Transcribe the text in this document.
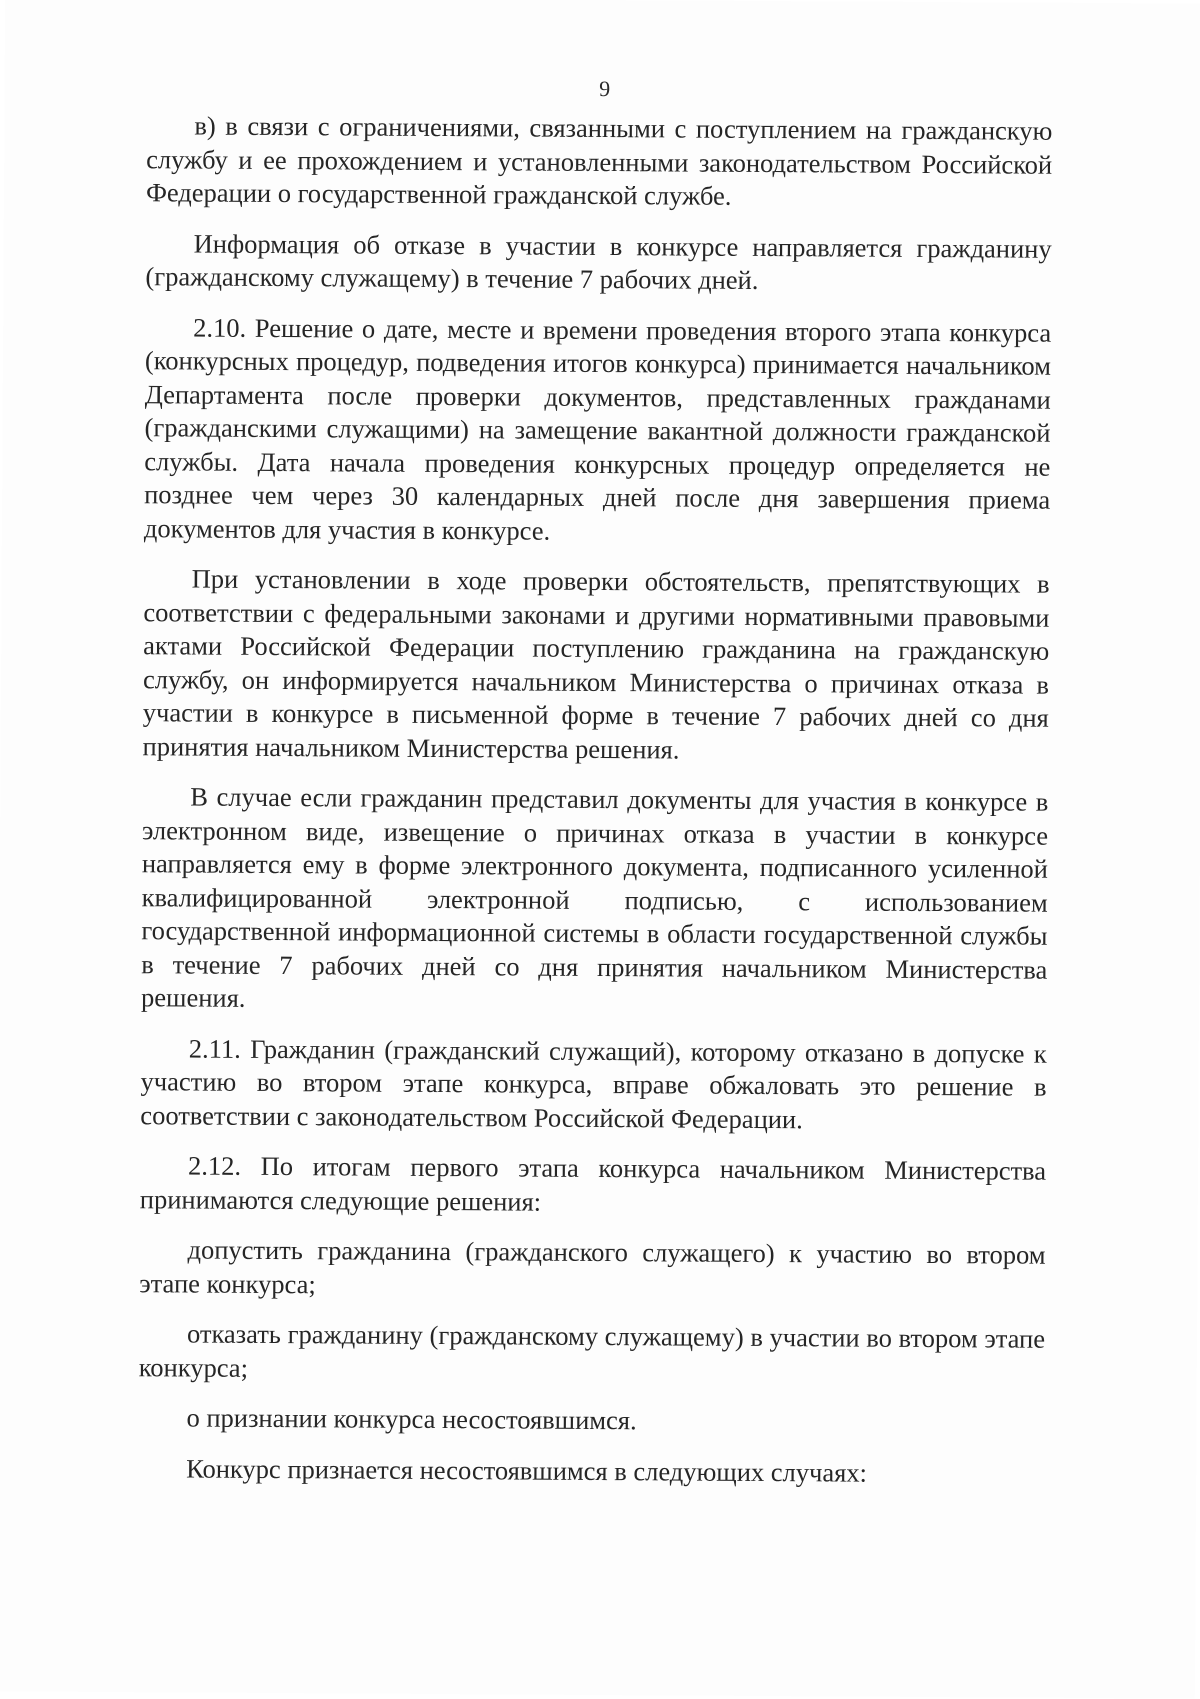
9

в) в связи с ограничениями, связанными с поступлением на гражданскую службу и ее прохождением и установленными законодательством Российской Федерации о государственной гражданской службе.

Информация об отказе в участии в конкурсе направляется гражданину (гражданскому служащему) в течение 7 рабочих дней.

2.10. Решение о дате, месте и времени проведения второго этапа конкурса (конкурсных процедур, подведения итогов конкурса) принимается начальником Департамента после проверки документов, представленных гражданами (гражданскими служащими) на замещение вакантной должности гражданской службы. Дата начала проведения конкурсных процедур определяется не позднее чем через 30 календарных дней после дня завершения приема документов для участия в конкурсе.

При установлении в ходе проверки обстоятельств, препятствующих в соответствии с федеральными законами и другими нормативными правовыми актами Российской Федерации поступлению гражданина на гражданскую службу, он информируется начальником Министерства о причинах отказа в участии в конкурсе в письменной форме в течение 7 рабочих дней со дня принятия начальником Министерства решения.

В случае если гражданин представил документы для участия в конкурсе в электронном виде, извещение о причинах отказа в участии в конкурсе направляется ему в форме электронного документа, подписанного усиленной квалифицированной электронной подписью, с использованием государственной информационной системы в области государственной службы в течение 7 рабочих дней со дня принятия начальником Министерства решения.

2.11. Гражданин (гражданский служащий), которому отказано в допуске к участию во втором этапе конкурса, вправе обжаловать это решение в соответствии с законодательством Российской Федерации.

2.12. По итогам первого этапа конкурса начальником Министерства принимаются следующие решения:

допустить гражданина (гражданского служащего) к участию во втором этапе конкурса;

отказать гражданину (гражданскому служащему) в участии во втором этапе конкурса;

о признании конкурса несостоявшимся.

Конкурс признается несостоявшимся в следующих случаях:
